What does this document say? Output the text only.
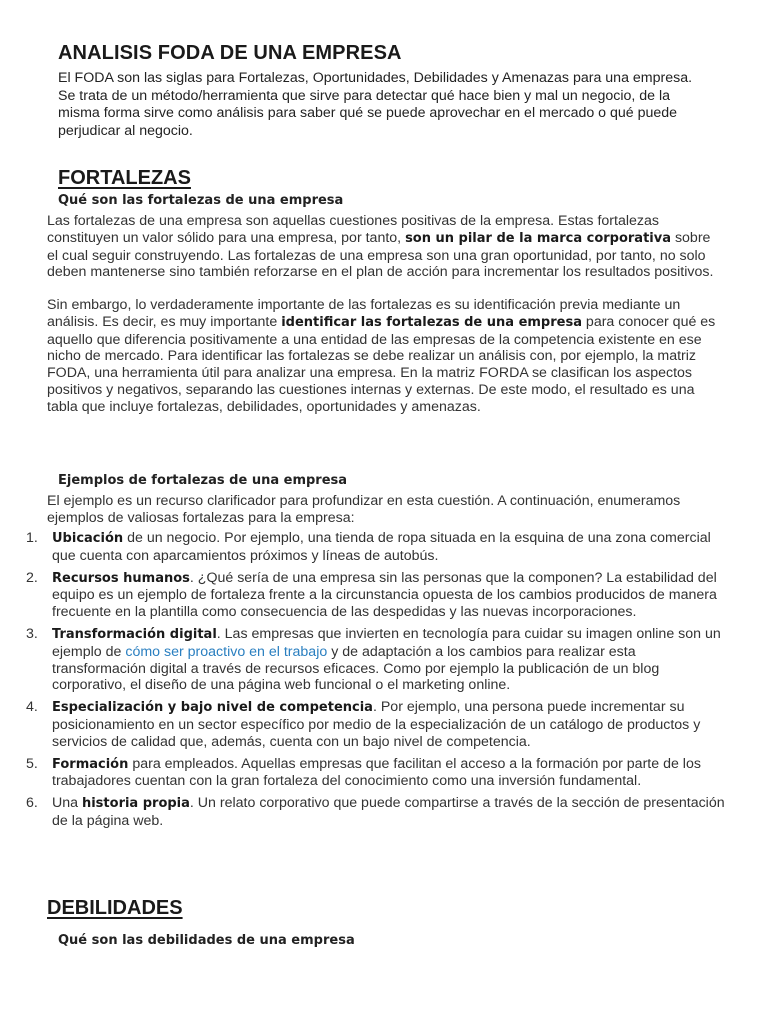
ANALISIS FODA DE UNA EMPRESA

El FODA son las siglas para Fortalezas, Oportunidades, Debilidades y Amenazas para una empresa. Se trata de un método/herramienta que sirve para detectar qué hace bien y mal un negocio, de la misma forma sirve como análisis para saber qué se puede aprovechar en el mercado o qué puede perjudicar al negocio.

FORTALEZAS
Qué son las fortalezas de una empresa

Las fortalezas de una empresa son aquellas cuestiones positivas de la empresa. Estas fortalezas constituyen un valor sólido para una empresa, por tanto, son un pilar de la marca corporativa sobre el cual seguir construyendo. Las fortalezas de una empresa son una gran oportunidad, por tanto, no solo deben mantenerse sino también reforzarse en el plan de acción para incrementar los resultados positivos.

Sin embargo, lo verdaderamente importante de las fortalezas es su identificación previa mediante un análisis. Es decir, es muy importante identificar las fortalezas de una empresa para conocer qué es aquello que diferencia positivamente a una entidad de las empresas de la competencia existente en ese nicho de mercado. Para identificar las fortalezas se debe realizar un análisis con, por ejemplo, la matriz FODA, una herramienta útil para analizar una empresa. En la matriz FORDA se clasifican los aspectos positivos y negativos, separando las cuestiones internas y externas. De este modo, el resultado es una tabla que incluye fortalezas, debilidades, oportunidades y amenazas.

Ejemplos de fortalezas de una empresa

El ejemplo es un recurso clarificador para profundizar en esta cuestión. A continuación, enumeramos ejemplos de valiosas fortalezas para la empresa:

1.	Ubicación de un negocio. Por ejemplo, una tienda de ropa situada en la esquina de una zona comercial que cuenta con aparcamientos próximos y líneas de autobús.
2.	Recursos humanos. ¿Qué sería de una empresa sin las personas que la componen? La estabilidad del equipo es un ejemplo de fortaleza frente a la circunstancia opuesta de los cambios producidos de manera frecuente en la plantilla como consecuencia de las despedidas y las nuevas incorporaciones.
3.	Transformación digital. Las empresas que invierten en tecnología para cuidar su imagen online son un ejemplo de cómo ser proactivo en el trabajo y de adaptación a los cambios para realizar esta transformación digital a través de recursos eficaces. Como por ejemplo la publicación de un blog corporativo, el diseño de una página web funcional o el marketing online.
4.	Especialización y bajo nivel de competencia. Por ejemplo, una persona puede incrementar su posicionamiento en un sector específico por medio de la especialización de un catálogo de productos y servicios de calidad que, además, cuenta con un bajo nivel de competencia.
5.	Formación para empleados. Aquellas empresas que facilitan el acceso a la formación por parte de los trabajadores cuentan con la gran fortaleza del conocimiento como una inversión fundamental.
6. Una historia propia. Un relato corporativo que puede compartirse a través de la sección de presentación de la página web.
DEBILIDADES
Qué son las debilidades de una empresa
